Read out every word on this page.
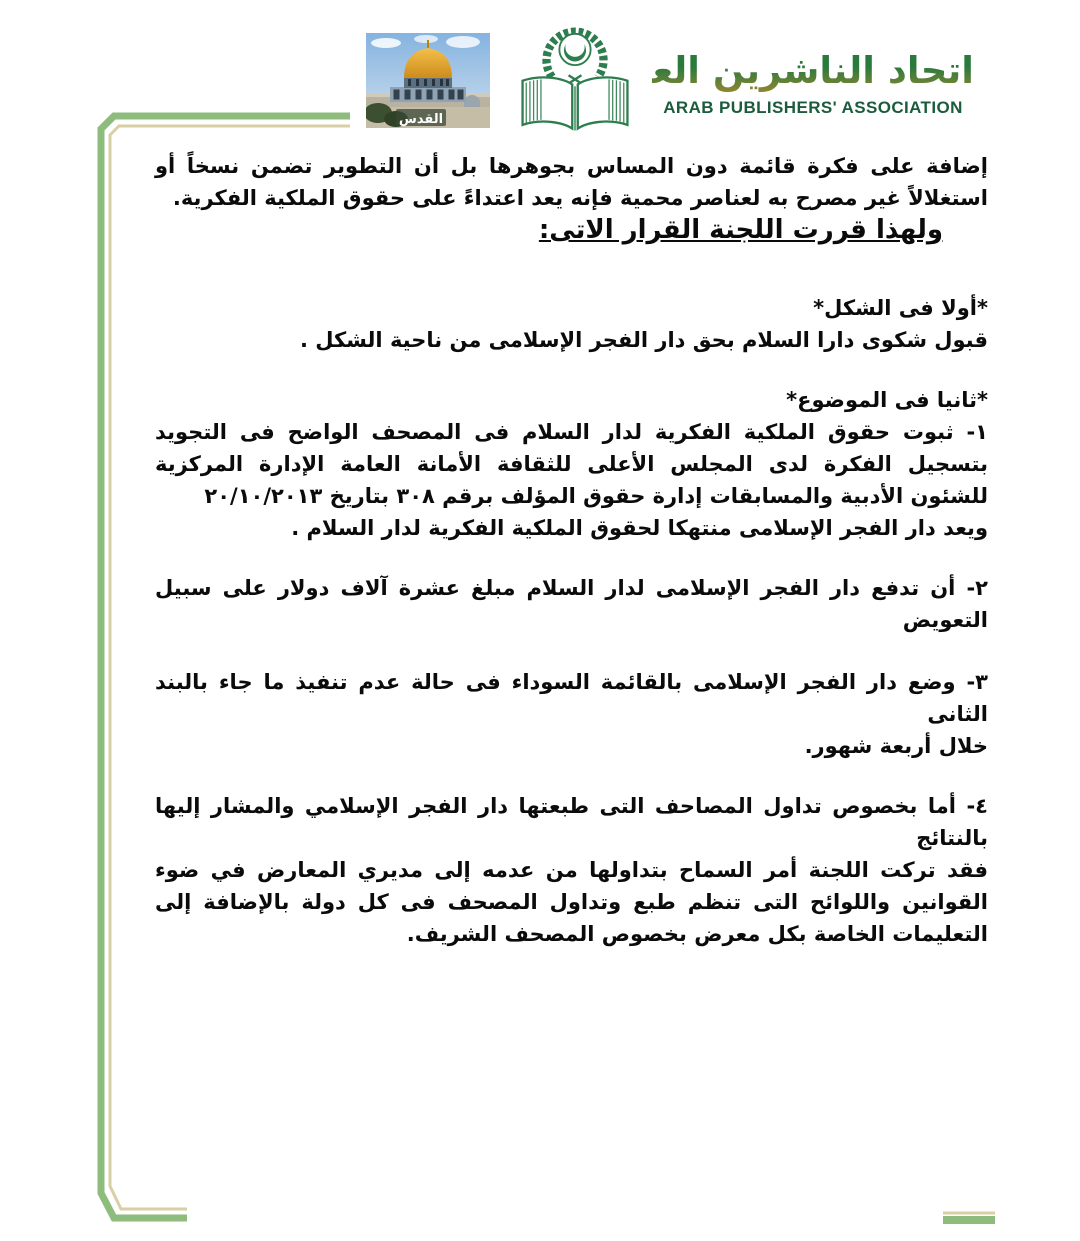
القدس
اتحاد الناشرين العرب
ARAB PUBLISHERS' ASSOCIATION

إضافة على فكرة قائمة دون المساس بجوهرها بل أن التطوير تضمن نسخاً أو استغلالاً غير مصرح به لعناصر محمية فإنه يعد اعتداءً على حقوق الملكية الفكرية.

ولهذا قررت اللجنة القرار الاتى:
*أولا فى الشكل*

قبول شكوى دارا السلام بحق دار الفجر الإسلامى من ناحية الشكل .

*ثانيا فى الموضوع*

١- ثبوت حقوق الملكية الفكرية لدار السلام فى المصحف الواضح فى التجويد بتسجيل الفكرة لدى المجلس الأعلى للثقافة الأمانة العامة الإدارة المركزية للشئون الأدبية والمسابقات إدارة حقوق المؤلف برقم ٣٠٨ بتاريخ ٢٠/١٠/٢٠١٣

ويعد دار الفجر الإسلامى منتهكا لحقوق الملكية الفكرية لدار السلام .

٢- أن تدفع دار الفجر الإسلامى لدار السلام مبلغ عشرة آلاف دولار على سبيل التعويض

٣- وضع دار الفجر الإسلامى بالقائمة السوداء فى حالة عدم تنفيذ ما جاء بالبند الثانى
خلال أربعة شهور.
٤- أما بخصوص تداول المصاحف التى طبعتها دار الفجر الإسلامي والمشار إليها
بالنتائج

فقد تركت اللجنة أمر السماح بتداولها من عدمه إلى مديري المعارض في ضوء القوانين واللوائح التى تنظم طبع وتداول المصحف فى كل دولة بالإضافة إلى التعليمات الخاصة بكل معرض بخصوص المصحف الشريف.
